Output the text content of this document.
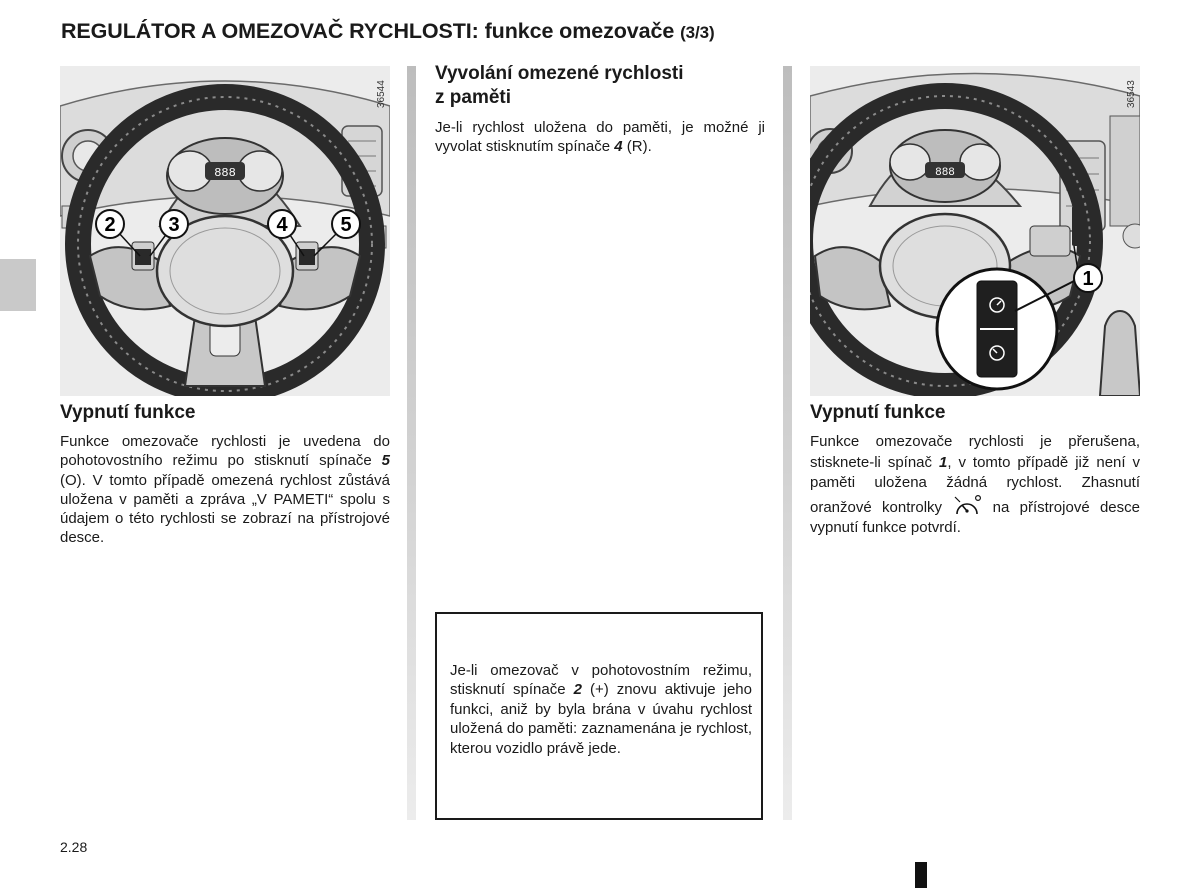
REGULÁTOR A OMEZOVAČ RYCHLOSTI: funkce omezovače (3/3)
888
2	3	4	5
36544
Vypnutí funkce

Funkce omezovače rychlosti je uvedena do pohotovostního režimu po stisknutí spínače 5 (O). V tomto případě omezená rychlost zůstává uložena v paměti a zpráva „V PAMETI“ spolu s údajem o této rychlosti se zobrazí na přístrojové desce.

Vyvolání omezené rychlosti
z paměti

Je-li rychlost uložena do paměti, je možné ji vyvolat stisknutím spínače 4 (R).

Je-li omezovač v pohotovostním režimu, stisknutí spínače 2 (+) znovu aktivuje jeho funkci, aniž by byla brána v úvahu rychlost uložená do paměti: zaznamenána je rychlost, kterou vozidlo právě jede.

888
1
36543
Vypnutí funkce

Funkce omezovače rychlosti je přerušena, stisknete-li spínač 1, v tomto případě již není v paměti uložena žádná rychlost. Zhasnutí oranžové kontrolky  na přístrojové desce vypnutí funkce potvrdí.

2.28
